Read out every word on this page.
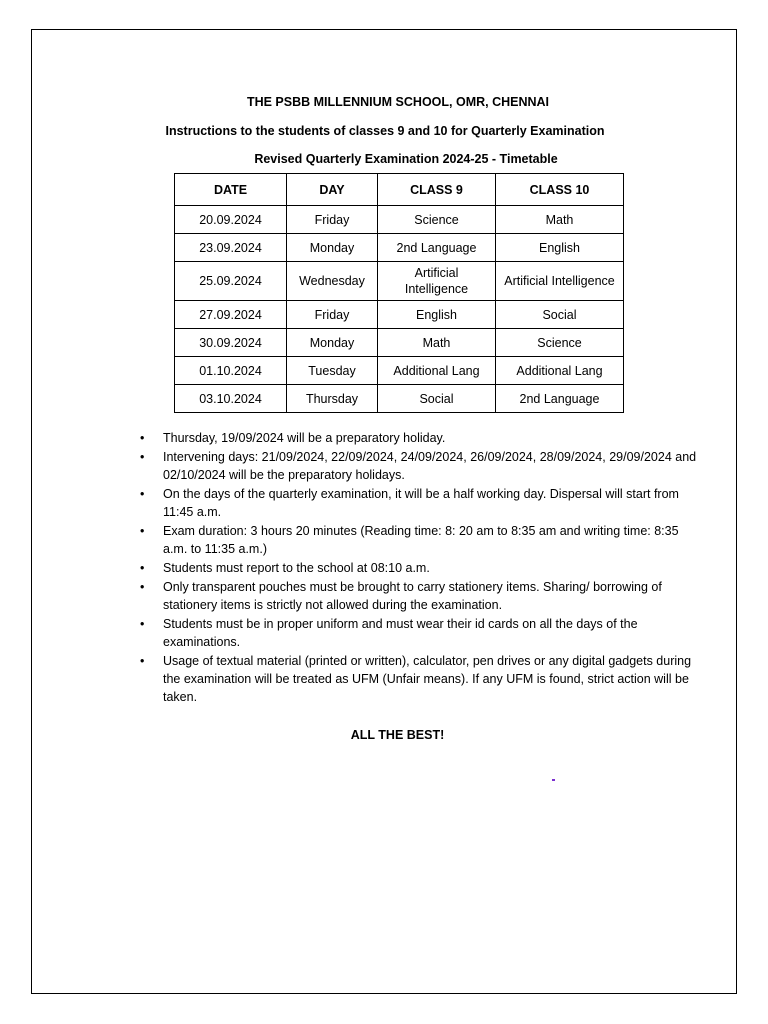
THE PSBB MILLENNIUM SCHOOL, OMR, CHENNAI
Instructions to the students of classes 9 and 10 for Quarterly Examination
Revised Quarterly Examination 2024-25 - Timetable
DATE	DAY	CLASS 9	CLASS 10
20.09.2024	Friday	Science	Math
23.09.2024	Monday	2nd Language	English
25.09.2024	Wednesday	Artificial Intelligence	Artificial Intelligence
27.09.2024	Friday	English	Social
30.09.2024	Monday	Math	Science
01.10.2024	Tuesday	Additional Lang	Additional Lang
03.10.2024	Thursday	Social	2nd Language
• Thursday, 19/09/2024 will be a preparatory holiday.
• Intervening days: 21/09/2024, 22/09/2024, 24/09/2024, 26/09/2024, 28/09/2024, 29/09/2024 and 02/10/2024 will be the preparatory holidays.
• On the days of the quarterly examination, it will be a half working day. Dispersal will start from 11:45 a.m.
• Exam duration: 3 hours 20 minutes (Reading time: 8: 20 am to 8:35 am and writing time: 8:35 a.m. to 11:35 a.m.)
• Students must report to the school at 08:10 a.m.
• Only transparent pouches must be brought to carry stationery items. Sharing/ borrowing of stationery items is strictly not allowed during the examination.
• Students must be in proper uniform and must wear their id cards on all the days of the examinations.
• Usage of textual material (printed or written), calculator, pen drives or any digital gadgets during the examination will be treated as UFM (Unfair means). If any UFM is found, strict action will be taken.
ALL THE BEST!
